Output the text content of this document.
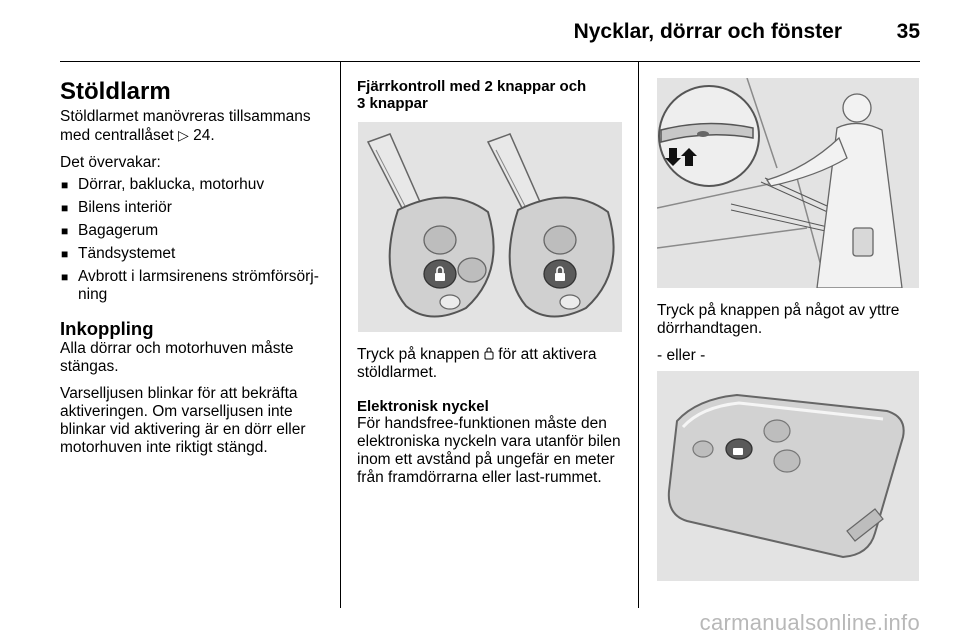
Nycklar, dörrar och fönster	35
Stöldlarm

Stöldlarmet manövreras tillsammans med centrallåset ▷ 24.

Det övervakar:

■ Dörrar, baklucka, motorhuv
■ Bilens interiör
■ Bagagerum
■ Tändsystemet
■ Avbrott i larmsirenens strömförsörj-ning
Inkoppling

Alla dörrar och motorhuven måste stängas.

Varselljusen blinkar för att bekräfta aktiveringen. Om varselljusen inte blinkar vid aktivering är en dörr eller motorhuven inte riktigt stängd.

Fjärrkontroll med 2 knappar och 3 knappar

Tryck på knappen för att aktivera stöldlarmet.

Elektronisk nyckel

För handsfree-funktionen måste den elektroniska nyckeln vara utanför bilen inom ett avstånd på ungefär en meter från framdörrarna eller last-rummet.

Tryck på knappen på något av yttre dörrhandtagen.

- eller -

carmanualsonline.info
